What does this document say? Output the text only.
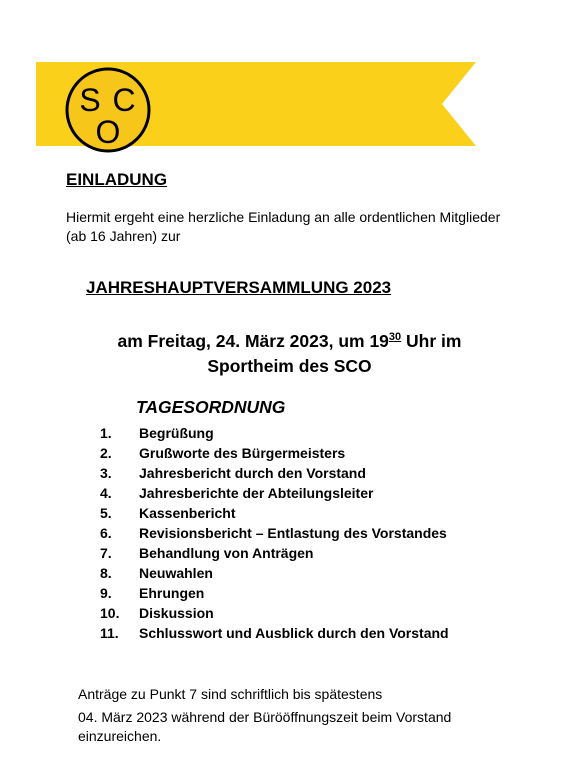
S C
O
EINLADUNG
Hiermit ergeht eine herzliche Einladung an alle ordentlichen Mitglieder (ab 16 Jahren) zur
JAHRESHAUPTVERSAMMLUNG 2023
am Freitag, 24. März 2023, um $19^{30}$ Uhr im
Sportheim des SCO
TAGESORDNUNG
1.	Begrüßung
2.	Grußworte des Bürgermeisters
3.	Jahresbericht durch den Vorstand
4.	Jahresberichte der Abteilungsleiter
5.	Kassenbericht
6.	Revisionsbericht – Entlastung des Vorstandes
7.	Behandlung von Anträgen
8.	Neuwahlen
9.	Ehrungen
10.	Diskussion
11.	Schlusswort und Ausblick durch den Vorstand
Anträge zu Punkt 7 sind schriftlich bis spätestens
04. März 2023 während der Bürööffnungszeit beim Vorstand einzureichen.
